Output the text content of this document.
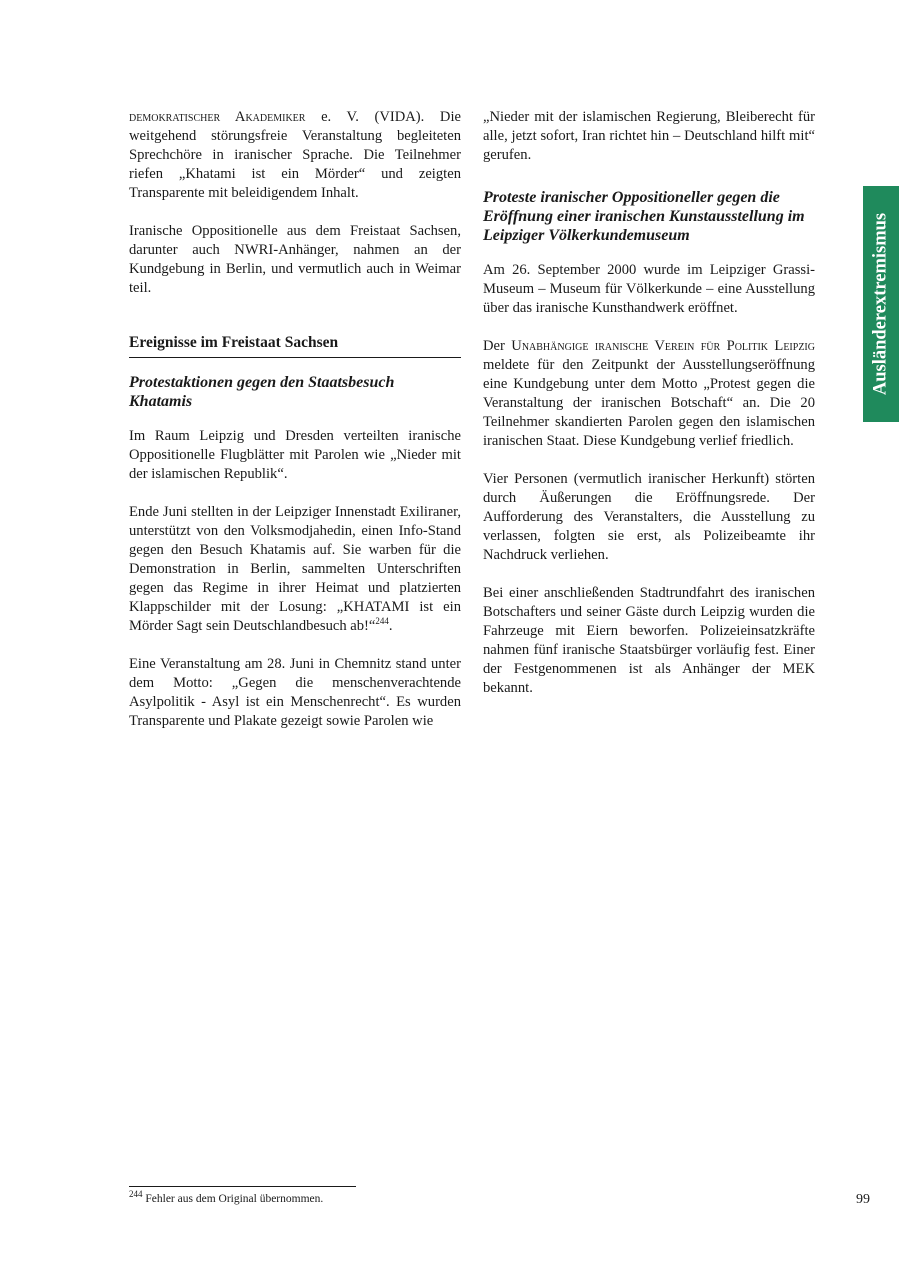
demokratischer Akademiker e. V. (VIDA). Die weitgehend störungsfreie Veranstaltung begleiteten Sprechchöre in iranischer Sprache. Die Teilnehmer riefen „Khatami ist ein Mörder“ und zeigten Transparente mit beleidigendem Inhalt.

Iranische Oppositionelle aus dem Freistaat Sachsen, darunter auch NWRI-Anhänger, nahmen an der Kundgebung in Berlin, und vermutlich auch in Weimar teil.

Ereignisse im Freistaat Sachsen
Protestaktionen gegen den Staatsbesuch Khatamis

Im Raum Leipzig und Dresden verteilten iranische Oppositionelle Flugblätter mit Parolen wie „Nieder mit der islamischen Republik“.

Ende Juni stellten in der Leipziger Innenstadt Exiliraner, unterstützt von den Volksmodjahedin, einen Info-Stand gegen den Besuch Khatamis auf. Sie warben für die Demonstration in Berlin, sammelten Unterschriften gegen das Regime in ihrer Heimat und platzierten Klappschilder mit der Losung: „KHATAMI ist ein Mörder Sagt sein Deutschlandbesuch ab!“$^{244}$.

Eine Veranstaltung am 28. Juni in Chemnitz stand unter dem Motto: „Gegen die menschenverachtende Asylpolitik - Asyl ist ein Menschenrecht“. Es wurden Transparente und Plakate gezeigt sowie Parolen wie

„Nieder mit der islamischen Regierung, Bleiberecht für alle, jetzt sofort, Iran richtet hin – Deutschland hilft mit“ gerufen.

Proteste iranischer Oppositioneller gegen die Eröffnung einer iranischen Kunstausstellung im Leipziger Völkerkundemuseum

Am 26. September 2000 wurde im Leipziger Grassi-Museum – Museum für Völkerkunde – eine Ausstellung über das iranische Kunsthandwerk eröffnet.

Der Unabhängige iranische Verein für Politik Leipzig meldete für den Zeitpunkt der Ausstellungseröffnung eine Kundgebung unter dem Motto „Protest gegen die Veranstaltung der iranischen Botschaft“ an. Die 20 Teilnehmer skandierten Parolen gegen den islamischen iranischen Staat. Diese Kundgebung verlief friedlich.

Vier Personen (vermutlich iranischer Herkunft) störten durch Äußerungen die Eröffnungsrede. Der Aufforderung des Veranstalters, die Ausstellung zu verlassen, folgten sie erst, als Polizeibeamte ihr Nachdruck verliehen.

Bei einer anschließenden Stadtrundfahrt des iranischen Botschafters und seiner Gäste durch Leipzig wurden die Fahrzeuge mit Eiern beworfen. Polizeieinsatzkräfte nahmen fünf iranische Staatsbürger vorläufig fest. Einer der Festgenommenen ist als Anhänger der MEK bekannt.

Ausländerextremismus
$^{244}$ Fehler aus dem Original übernommen.	99
